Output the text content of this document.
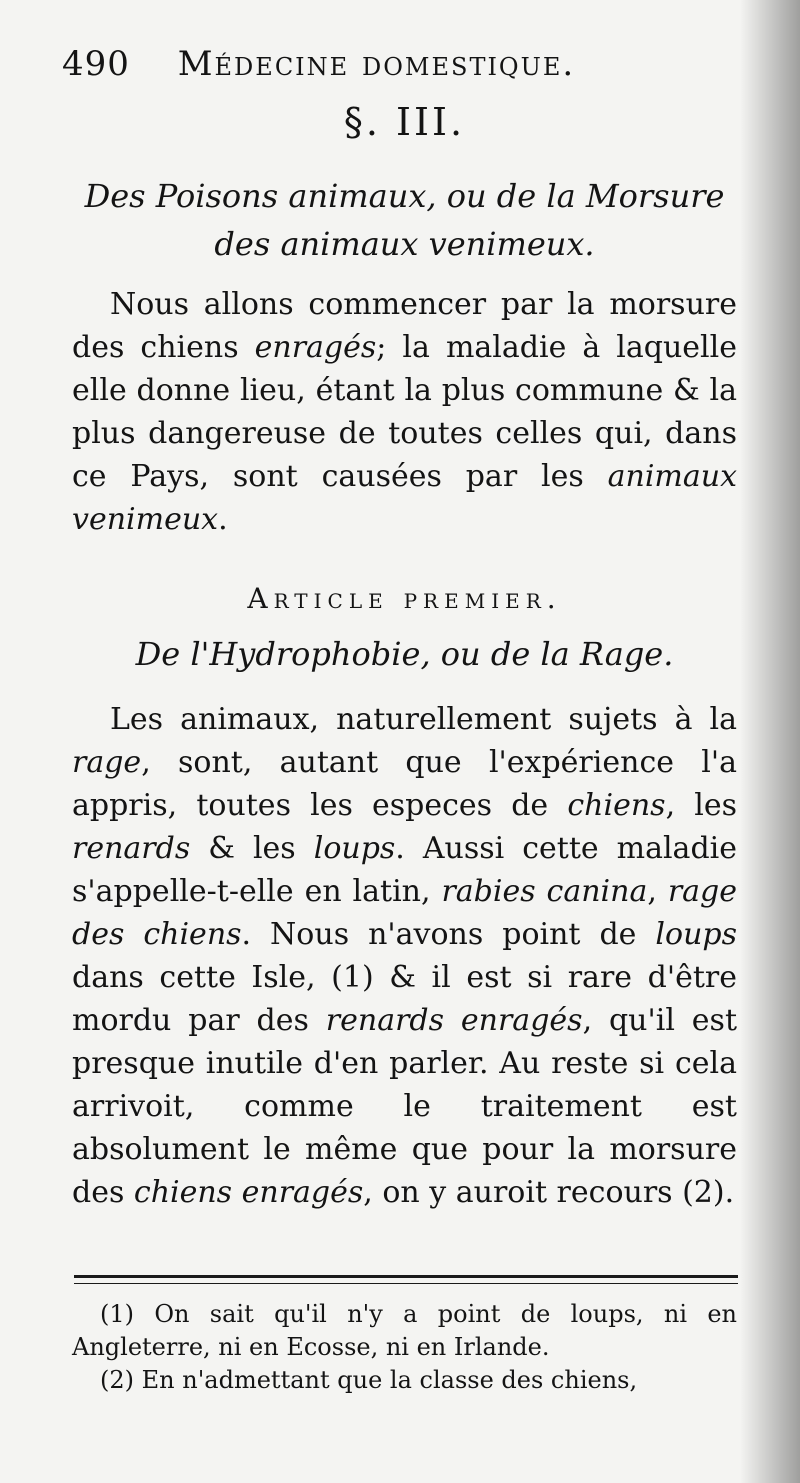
490 Médecine domestique.
§. III.
Des Poisons animaux, ou de la Morsure
des animaux venimeux.

Nous allons commencer par la morsure des chiens enragés; la maladie à laquelle elle donne lieu, étant la plus commune & la plus dangereuse de toutes celles qui, dans ce Pays, sont causées par les animaux venimeux.

Article premier.
De l'Hydrophobie, ou de la Rage.

Les animaux, naturellement sujets à la rage, sont, autant que l'expérience l'a appris, toutes les especes de chiens, les renards & les loups. Aussi cette maladie s'appelle-t-elle en latin, rabies canina, rage des chiens. Nous n'avons point de loups dans cette Isle, (1) & il est si rare d'être mordu par des renards enragés, qu'il est presque inutile d'en parler. Au reste si cela arrivoit, comme le traitement est absolument le même que pour la morsure des chiens enragés, on y auroit recours (2).

(1) On sait qu'il n'y a point de loups, ni en Angleterre, ni en Ecosse, ni en Irlande.

(2) En n'admettant que la classe des chiens,
